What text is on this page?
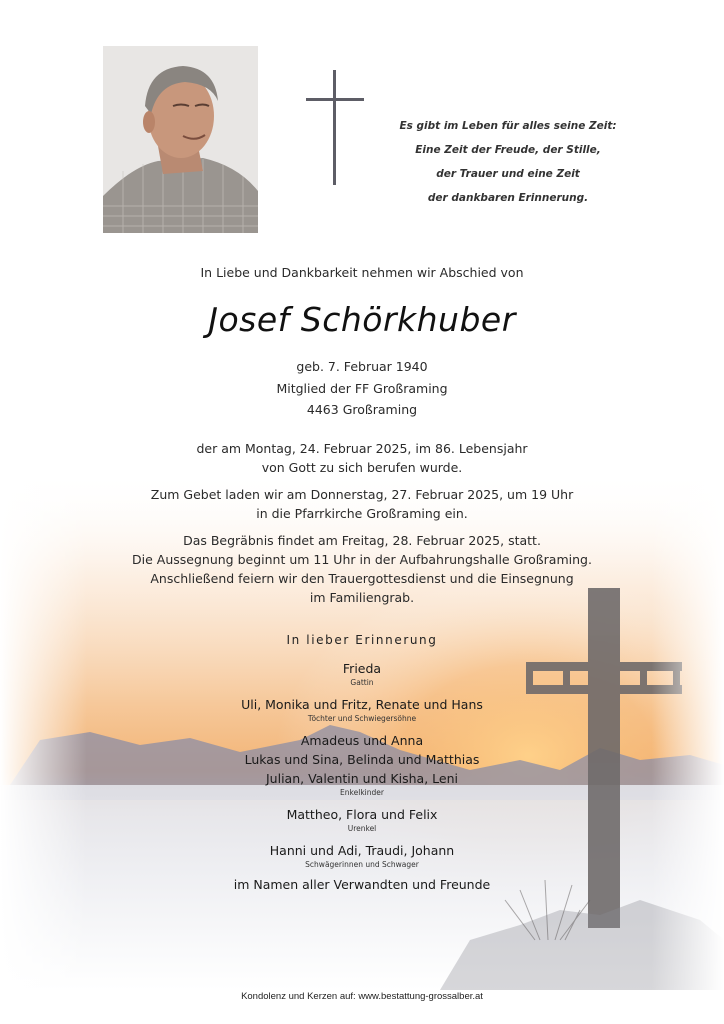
Es gibt im Leben für alles seine Zeit:
Eine Zeit der Freude, der Stille,
der Trauer und eine Zeit
der dankbaren Erinnerung.
In Liebe und Dankbarkeit nehmen wir Abschied von
Josef Schörkhuber
geb. 7. Februar 1940
Mitglied der FF Großraming
4463 Großraming
der am Montag, 24. Februar 2025, im 86. Lebensjahr
von Gott zu sich berufen wurde.
Zum Gebet laden wir am Donnerstag, 27. Februar 2025, um 19 Uhr
in die Pfarrkirche Großraming ein.
Das Begräbnis findet am Freitag, 28. Februar 2025, statt.
Die Aussegnung beginnt um 11 Uhr in der Aufbahrungshalle Großraming.
Anschließend feiern wir den Trauergottesdienst und die Einsegnung
im Familiengrab.
In lieber Erinnerung
Frieda
Gattin
Uli, Monika und Fritz, Renate und Hans
Töchter und Schwiegersöhne
Amadeus und Anna
Lukas und Sina, Belinda und Matthias
Julian, Valentin und Kisha, Leni
Enkelkinder
Mattheo, Flora und Felix
Urenkel
Hanni und Adi, Traudi, Johann
Schwägerinnen und Schwager
im Namen aller Verwandten und Freunde
Kondolenz und Kerzen auf: www.bestattung-grossalber.at
